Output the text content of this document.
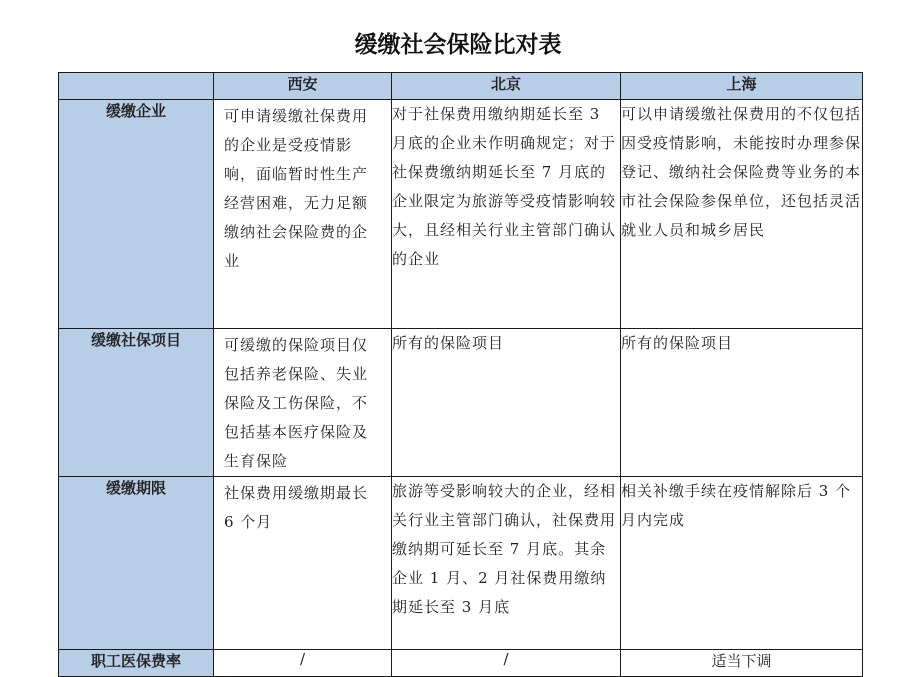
缓缴社会保险比对表
	西安	北京	上海
缓缴企业	可申请缓缴社保费用的企业是受疫情影响，面临暂时性生产经营困难，无力足额缴纳社会保险费的企业	对于社保费用缴纳期延长至 3 月底的企业未作明确规定；对于社保费缴纳期延长至 7 月底的企业限定为旅游等受疫情影响较大，且经相关行业主管部门确认的企业	可以申请缓缴社保费用的不仅包括因受疫情影响，未能按时办理参保登记、缴纳社会保险费等业务的本市社会保险参保单位，还包括灵活就业人员和城乡居民
缓缴社保项目	可缓缴的保险项目仅包括养老保险、失业保险及工伤保险，不包括基本医疗保险及生育保险	所有的保险项目	所有的保险项目
缓缴期限	社保费用缓缴期最长 6 个月	旅游等受影响较大的企业，经相关行业主管部门确认，社保费用缴纳期可延长至 7 月底。其余企业 1 月、2 月社保费用缴纳期延长至 3 月底	相关补缴手续在疫情解除后 3 个月内完成
职工医保费率	/	/	适当下调
